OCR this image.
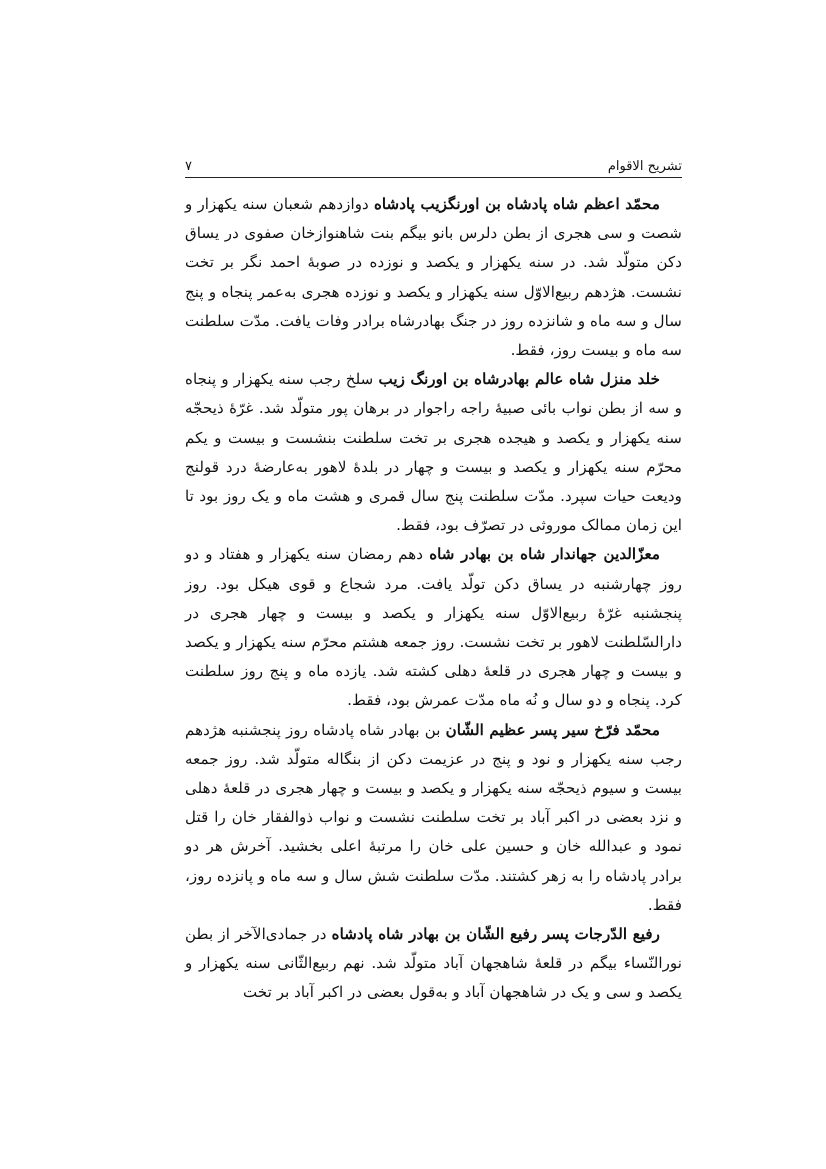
تشریح الاقوام
۷

محمّد اعظم شاه پادشاه بن اورنگزیب پادشاه دوازدهم شعبان سنه یکهزار و شصت و سی هجری از بطن دلرس بانو بیگم بنت شاهنوازخان صفوی در یساق دکن متولّد شد. در سنه یکهزار و یکصد و نوزده در صوبهٔ احمد نگر بر تخت نشست. هژدهم ربیع‌الاوّل سنه یکهزار و یکصد و نوزده هجری به‌عمر پنجاه و پنج سال و سه ماه و شانزده روز در جنگ بهادرشاه برادر وفات یافت. مدّت سلطنت سه ماه و بیست روز، فقط.

خلد منزل شاه عالم بهادرشاه بن اورنگ زیب سلخ رجب سنه یکهزار و پنجاه و سه از بطن نواب بائی صبیهٔ راجه راجوار در برهان پور متولّد شد. غرّهٔ ذیحجّه سنه یکهزار و یکصد و هیجده هجری بر تخت سلطنت بنشست و بیست و یکم محرّم سنه یکهزار و یکصد و بیست و چهار در بلدهٔ لاهور به‌عارضهٔ درد قولنج ودیعت حیات سپرد. مدّت سلطنت پنج سال قمری و هشت ماه و یک روز بود تا این زمان ممالک موروثی در تصرّف بود، فقط.

معزّالدین جهاندار شاه بن بهادر شاه دهم رمضان سنه یکهزار و هفتاد و دو روز چهارشنبه در یساق دکن تولّد یافت. مرد شجاع و قوی هیکل بود. روز پنجشنبه غرّهٔ ربیع‌الاوّل سنه یکهزار و یکصد و بیست و چهار هجری در دارالسّلطنت لاهور بر تخت نشست. روز جمعه هشتم محرّم سنه یکهزار و یکصد و بیست و چهار هجری در قلعهٔ دهلی کشته شد. یازده ماه و پنج روز سلطنت کرد. پنجاه و دو سال و نُه ماه مدّت عمرش بود، فقط.

محمّد فرّخ سیر پسر عظیم الشّان بن بهادر شاه پادشاه روز پنجشنبه هژدهم رجب سنه یکهزار و نود و پنج در عزیمت دکن از بنگاله متولّد شد. روز جمعه بیست و سیوم ذیحجّه سنه یکهزار و یکصد و بیست و چهار هجری در قلعهٔ دهلی و نزد بعضی در اکبر آباد بر تخت سلطنت نشست و نواب ذوالفقار خان را قتل نمود و عبدالله خان و حسین علی خان را مرتبهٔ اعلی بخشید. آخرش هر دو برادر پادشاه را به زهر کشتند. مدّت سلطنت شش سال و سه ماه و پانزده روز، فقط.

رفیع الدّرجات پسر رفیع الشّان بن بهادر شاه پادشاه در جمادی‌الآخر از بطن نورالنّساء بیگم در قلعهٔ شاهجهان آباد متولّد شد. نهم ربیع‌الثّانی سنه یکهزار و یکصد و سی و یک در شاهجهان آباد و به‌قول بعضی در اکبر آباد بر تخت
